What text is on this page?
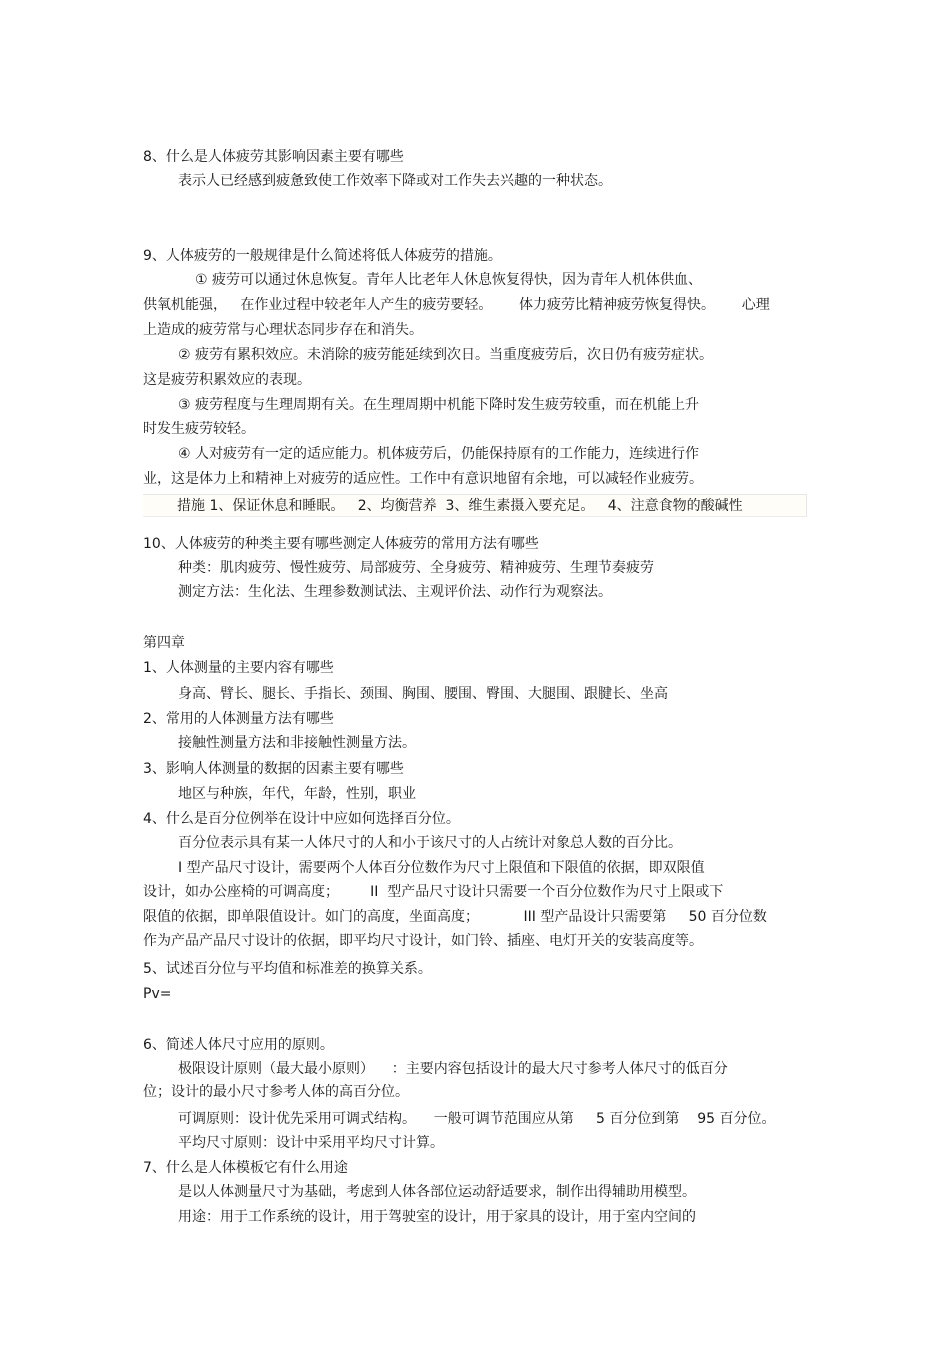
8、什么是人体疲劳其影响因素主要有哪些
表示人已经感到疲惫致使工作效率下降或对工作失去兴趣的一种状态。
9、人体疲劳的一般规律是什么简述将低人体疲劳的措施。
① 疲劳可以通过休息恢复。青年人比老年人休息恢复得快，因为青年人机体供血、
供氧机能强，   在作业过程中较老年人产生的疲劳要轻。      体力疲劳比精神疲劳恢复得快。      心理
上造成的疲劳常与心理状态同步存在和消失。
② 疲劳有累积效应。未消除的疲劳能延续到次日。当重度疲劳后，次日仍有疲劳症状。
这是疲劳积累效应的表现。
③ 疲劳程度与生理周期有关。在生理周期中机能下降时发生疲劳较重，而在机能上升
时发生疲劳较轻。
④ 人对疲劳有一定的适应能力。机体疲劳后，仍能保持原有的工作能力，连续进行作
业，这是体力上和精神上对疲劳的适应性。工作中有意识地留有余地，可以减轻作业疲劳。
措施 1、保证休息和睡眠。   2、均衡营养  3、维生素摄入要充足。   4、注意食物的酸碱性
10、人体疲劳的种类主要有哪些测定人体疲劳的常用方法有哪些
种类：肌肉疲劳、慢性疲劳、局部疲劳、全身疲劳、精神疲劳、生理节奏疲劳
测定方法：生化法、生理参数测试法、主观评价法、动作行为观察法。
第四章
1、人体测量的主要内容有哪些
身高、臂长、腿长、手指长、颈围、胸围、腰围、臀围、大腿围、跟腱长、坐高
2、常用的人体测量方法有哪些
接触性测量方法和非接触性测量方法。
3、影响人体测量的数据的因素主要有哪些
地区与种族，年代，年龄，性别，职业
4、什么是百分位例举在设计中应如何选择百分位。
百分位表示具有某一人体尺寸的人和小于该尺寸的人占统计对象总人数的百分比。
I 型产品尺寸设计，需要两个人体百分位数作为尺寸上限值和下限值的依据，即双限值
设计，如办公座椅的可调高度；       II  型产品尺寸设计只需要一个百分位数作为尺寸上限或下
限值的依据，即单限值设计。如门的高度，坐面高度；          III 型产品设计只需要第     50 百分位数
作为产品产品尺寸设计的依据，即平均尺寸设计，如门铃、插座、电灯开关的安装高度等。
5、试述百分位与平均值和标准差的换算关系。
Pv=
6、简述人体尺寸应用的原则。
极限设计原则（最大最小原则）    ：主要内容包括设计的最大尺寸参考人体尺寸的低百分
位；设计的最小尺寸参考人体的高百分位。
可调原则：设计优先采用可调式结构。    一般可调节范围应从第     5 百分位到第    95 百分位。
平均尺寸原则：设计中采用平均尺寸计算。
7、什么是人体模板它有什么用途
是以人体测量尺寸为基础，考虑到人体各部位运动舒适要求，制作出得辅助用模型。
用途：用于工作系统的设计，用于驾驶室的设计，用于家具的设计，用于室内空间的
